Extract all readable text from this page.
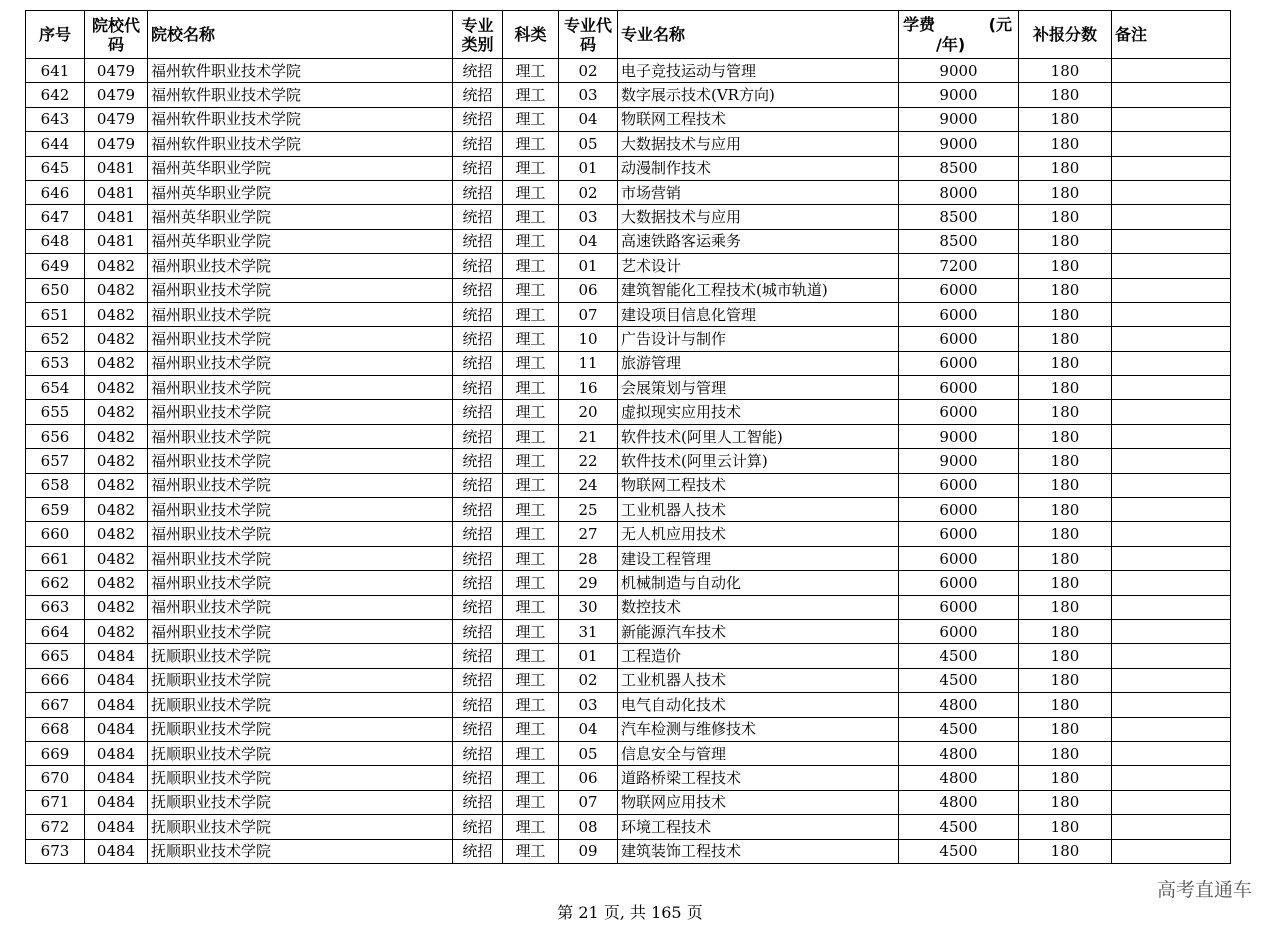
序号	院校代码	院校名称	专业类别	科类	专业代码	专业名称	学费 (元
/年)	补报分数	备注
641	0479	福州软件职业技术学院	统招	理工	02	电子竞技运动与管理	9000	180	
642	0479	福州软件职业技术学院	统招	理工	03	数字展示技术(VR方向)	9000	180	
643	0479	福州软件职业技术学院	统招	理工	04	物联网工程技术	9000	180	
644	0479	福州软件职业技术学院	统招	理工	05	大数据技术与应用	9000	180	
645	0481	福州英华职业学院	统招	理工	01	动漫制作技术	8500	180	
646	0481	福州英华职业学院	统招	理工	02	市场营销	8000	180	
647	0481	福州英华职业学院	统招	理工	03	大数据技术与应用	8500	180	
648	0481	福州英华职业学院	统招	理工	04	高速铁路客运乘务	8500	180	
649	0482	福州职业技术学院	统招	理工	01	艺术设计	7200	180	
650	0482	福州职业技术学院	统招	理工	06	建筑智能化工程技术(城市轨道)	6000	180	
651	0482	福州职业技术学院	统招	理工	07	建设项目信息化管理	6000	180	
652	0482	福州职业技术学院	统招	理工	10	广告设计与制作	6000	180	
653	0482	福州职业技术学院	统招	理工	11	旅游管理	6000	180	
654	0482	福州职业技术学院	统招	理工	16	会展策划与管理	6000	180	
655	0482	福州职业技术学院	统招	理工	20	虚拟现实应用技术	6000	180	
656	0482	福州职业技术学院	统招	理工	21	软件技术(阿里人工智能)	9000	180	
657	0482	福州职业技术学院	统招	理工	22	软件技术(阿里云计算)	9000	180	
658	0482	福州职业技术学院	统招	理工	24	物联网工程技术	6000	180	
659	0482	福州职业技术学院	统招	理工	25	工业机器人技术	6000	180	
660	0482	福州职业技术学院	统招	理工	27	无人机应用技术	6000	180	
661	0482	福州职业技术学院	统招	理工	28	建设工程管理	6000	180	
662	0482	福州职业技术学院	统招	理工	29	机械制造与自动化	6000	180	
663	0482	福州职业技术学院	统招	理工	30	数控技术	6000	180	
664	0482	福州职业技术学院	统招	理工	31	新能源汽车技术	6000	180	
665	0484	抚顺职业技术学院	统招	理工	01	工程造价	4500	180	
666	0484	抚顺职业技术学院	统招	理工	02	工业机器人技术	4500	180	
667	0484	抚顺职业技术学院	统招	理工	03	电气自动化技术	4800	180	
668	0484	抚顺职业技术学院	统招	理工	04	汽车检测与维修技术	4500	180	
669	0484	抚顺职业技术学院	统招	理工	05	信息安全与管理	4800	180	
670	0484	抚顺职业技术学院	统招	理工	06	道路桥梁工程技术	4800	180	
671	0484	抚顺职业技术学院	统招	理工	07	物联网应用技术	4800	180	
672	0484	抚顺职业技术学院	统招	理工	08	环境工程技术	4500	180	
673	0484	抚顺职业技术学院	统招	理工	09	建筑装饰工程技术	4500	180	
第 21 页, 共 165 页
高考直通车
